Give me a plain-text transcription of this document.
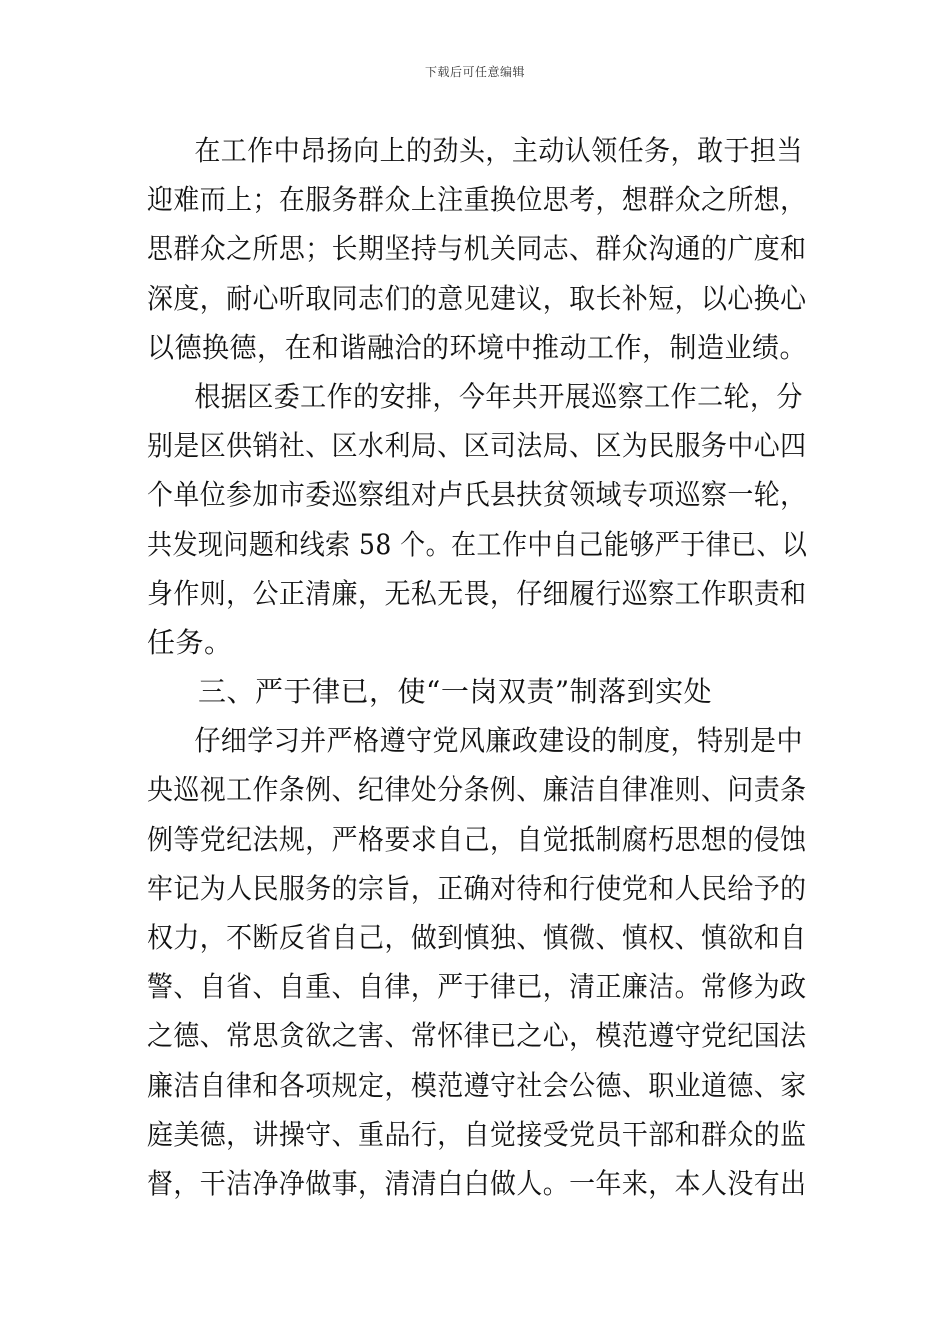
下载后可任意编辑
在工作中昂扬向上的劲头，主动认领任务，敢于担当
迎难而上；在服务群众上注重换位思考，想群众之所想，
思群众之所思；长期坚持与机关同志、群众沟通的广度和
深度，耐心听取同志们的意见建议，取长补短，以心换心
以德换德，在和谐融洽的环境中推动工作，制造业绩。
根据区委工作的安排，今年共开展巡察工作二轮，分
别是区供销社、区水利局、区司法局、区为民服务中心四
个单位参加市委巡察组对卢氏县扶贫领域专项巡察一轮，
共发现问题和线索 58 个。在工作中自己能够严于律已、以
身作则，公正清廉，无私无畏，仔细履行巡察工作职责和
任务。
三、严于律已，使“一岗双责”制落到实处
仔细学习并严格遵守党风廉政建设的制度，特别是中
央巡视工作条例、纪律处分条例、廉洁自律准则、问责条
例等党纪法规，严格要求自己，自觉抵制腐朽思想的侵蚀
牢记为人民服务的宗旨，正确对待和行使党和人民给予的
权力，不断反省自己，做到慎独、慎微、慎权、慎欲和自
警、自省、自重、自律，严于律已，清正廉洁。常修为政
之德、常思贪欲之害、常怀律已之心，模范遵守党纪国法
廉洁自律和各项规定，模范遵守社会公德、职业道德、家
庭美德，讲操守、重品行，自觉接受党员干部和群众的监
督，干洁净净做事，清清白白做人。一年来，本人没有出
